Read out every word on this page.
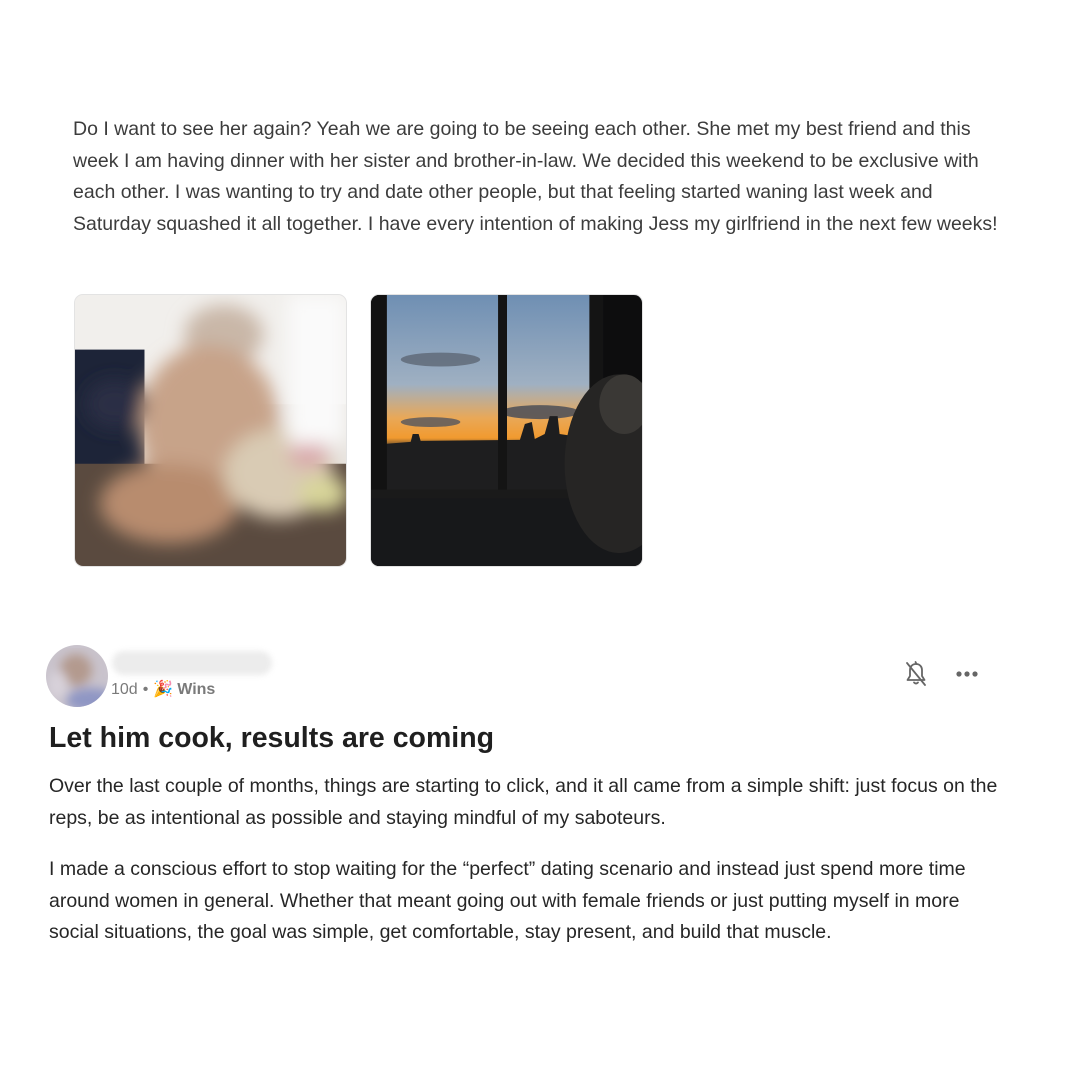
Do I want to see her again? Yeah we are going to be seeing each other. She met my best friend and this week I am having dinner with her sister and brother-in-law. We decided this weekend to be exclusive with each other. I was wanting to try and date other people, but that feeling started waning last week and Saturday squashed it all together. I have every intention of making Jess my girlfriend in the next few weeks!

10d • 🎉 Wins
Let him cook, results are coming

Over the last couple of months, things are starting to click, and it all came from a simple shift: just focus on the reps, be as intentional as possible and staying mindful of my saboteurs.

I made a conscious effort to stop waiting for the “perfect” dating scenario and instead just spend more time around women in general. Whether that meant going out with female friends or just putting myself in more social situations, the goal was simple, get comfortable, stay present, and build that muscle.
